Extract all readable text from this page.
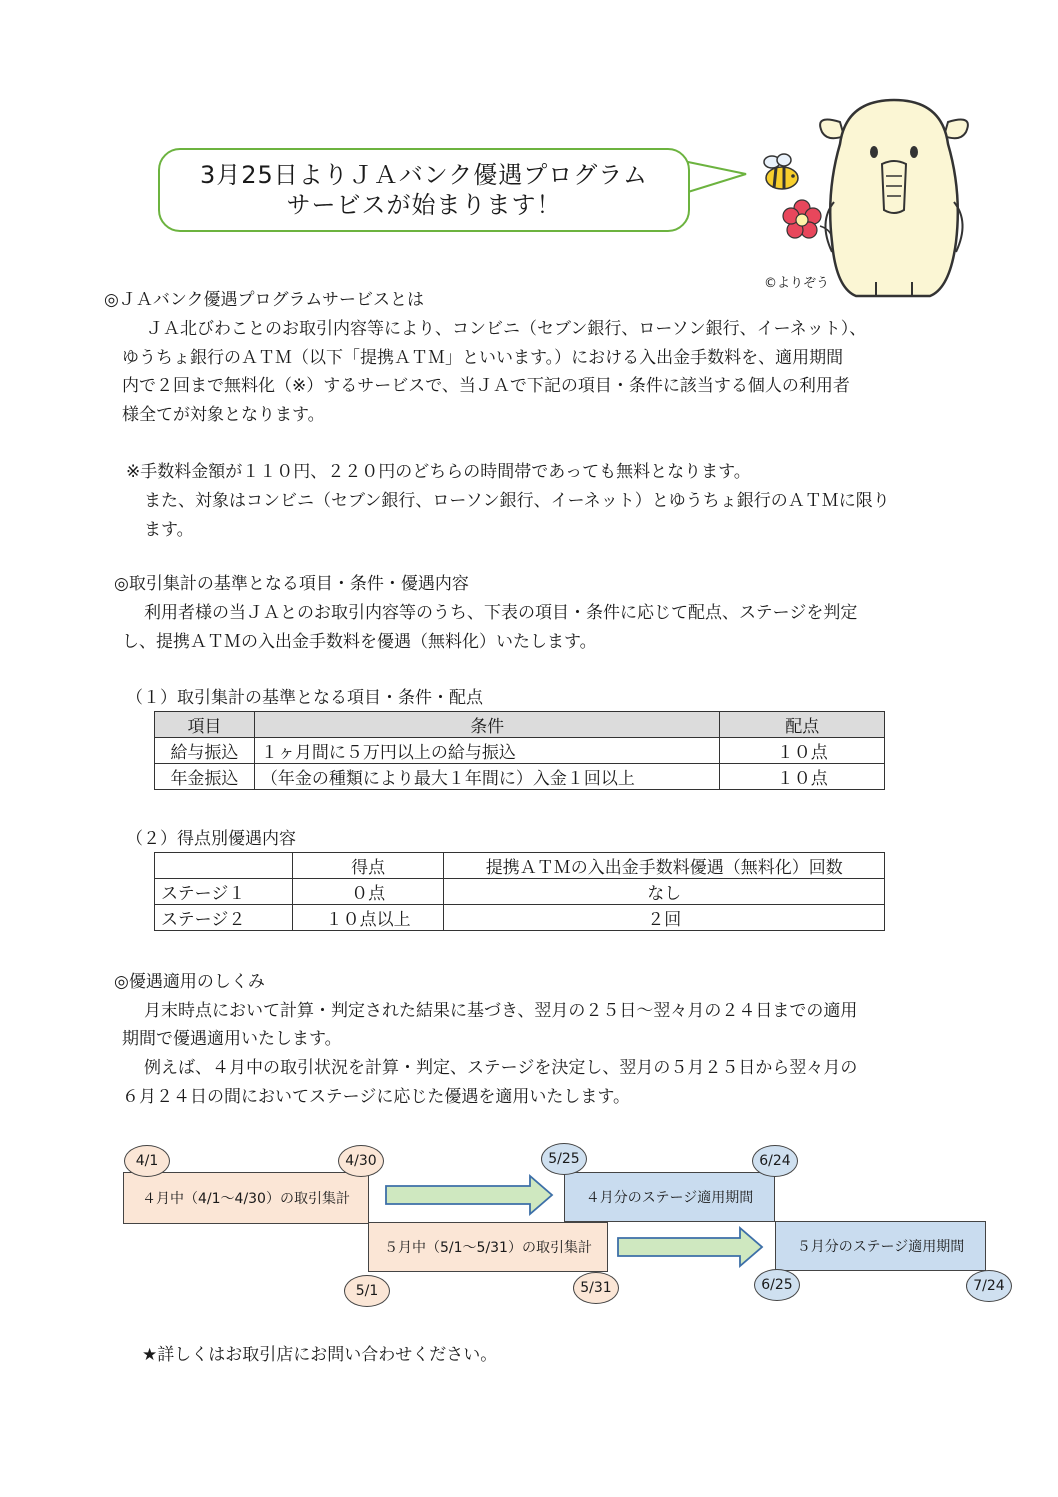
3月25日よりＪＡバンク優遇プログラム
サービスが始まります！
©よりぞう
◎ＪＡバンク優遇プログラムサービスとは
ＪＡ北びわことのお取引内容等により、コンビニ（セブン銀行、ローソン銀行、イーネット）、
ゆうちょ銀行のＡＴＭ（以下「提携ＡＴＭ」といいます。）における入出金手数料を、適用期間
内で２回まで無料化（※）するサービスで、当ＪＡで下記の項目・条件に該当する個人の利用者
様全てが対象となります。
※手数料金額が１１０円、２２０円のどちらの時間帯であっても無料となります。
また、対象はコンビニ（セブン銀行、ローソン銀行、イーネット）とゆうちょ銀行のＡＴＭに限り
ます。
◎取引集計の基準となる項目・条件・優遇内容
利用者様の当ＪＡとのお取引内容等のうち、下表の項目・条件に応じて配点、ステージを判定
し、提携ＡＴＭの入出金手数料を優遇（無料化）いたします。
（１）取引集計の基準となる項目・条件・配点
項目	条件	配点
給与振込	１ヶ月間に５万円以上の給与振込	１０点
年金振込	（年金の種類により最大１年間に）入金１回以上	１０点
（２）得点別優遇内容
	得点	提携ＡＴＭの入出金手数料優遇（無料化）回数
ステージ１	０点	なし
ステージ２	１０点以上	２回
◎優遇適用のしくみ
月末時点において計算・判定された結果に基づき、翌月の２５日～翌々月の２４日までの適用
期間で優遇適用いたします。
例えば、４月中の取引状況を計算・判定、ステージを決定し、翌月の５月２５日から翌々月の
６月２４日の間においてステージに応じた優遇を適用いたします。
４月中（4/1～4/30）の取引集計	４月分のステージ適用期間
５月中（5/1～5/31）の取引集計	５月分のステージ適用期間
4/1	4/30	5/25	6/24
5/1	5/31	6/25	7/24
★詳しくはお取引店にお問い合わせください。
